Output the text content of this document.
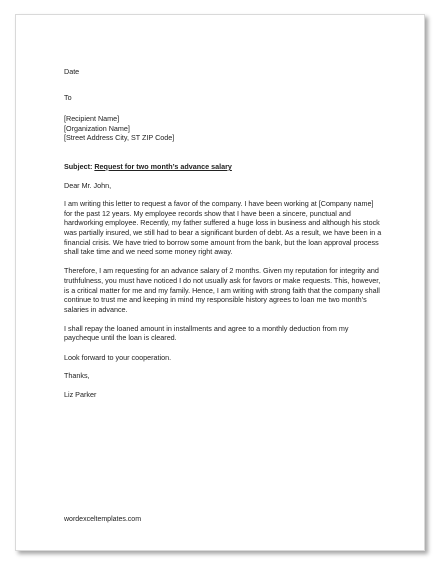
Date

To

[Recipient Name]

[Organization Name]

[Street Address City, ST ZIP Code]

Subject: Request for two month’s advance salary

Dear Mr. John,

I am writing this letter to request a favor of the company. I have been working at [Company name] for the past 12 years. My employee records show that I have been a sincere, punctual and hardworking employee. Recently, my father suffered a huge loss in business and although his stock was partially insured, we still had to bear a significant burden of debt. As a result, we have been in a financial crisis. We have tried to borrow some amount from the bank, but the loan approval process shall take time and we need some money right away.

Therefore, I am requesting for an advance salary of 2 months. Given my reputation for integrity and truthfulness, you must have noticed I do not usually ask for favors or make requests. This, however, is a critical matter for me and my family. Hence, I am writing with strong faith that the company shall continue to trust me and keeping in mind my responsible history agrees to loan me two month’s salaries in advance.

I shall repay the loaned amount in installments and agree to a monthly deduction from my paycheque until the loan is cleared.

Look forward to your cooperation.

Thanks,

Liz Parker

wordexceltemplates.com
